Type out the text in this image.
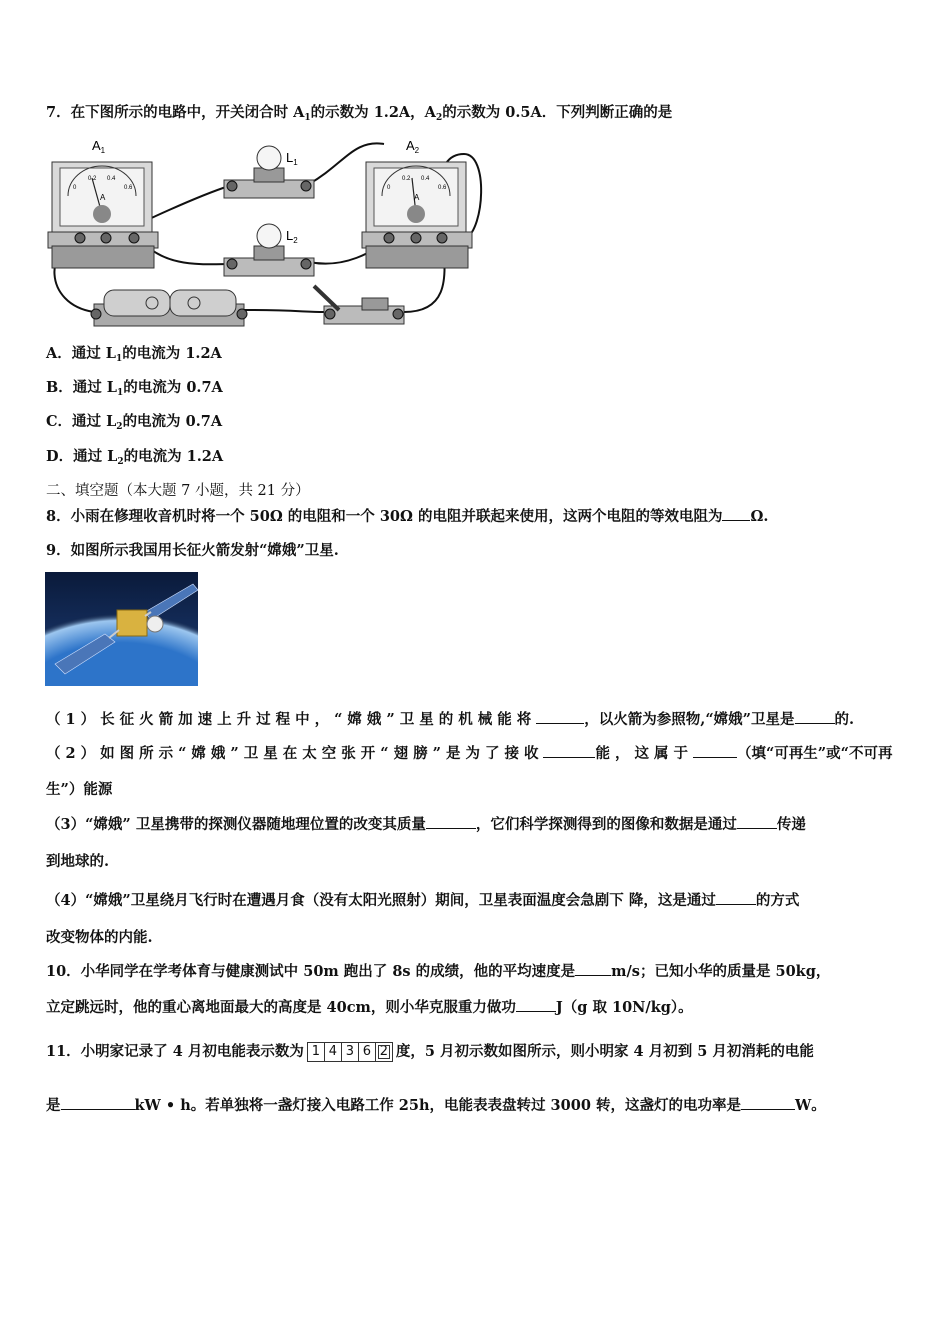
7．在下图所示的电路中，开关闭合时 $A_1$的示数为 1.2A，$A_2$的示数为 0.5A．下列判断正确的是
$A_1$
0
0.2 0.4
0.6
A
$A_2$
0
0.2 0.4
0.6
A
$L_1$
$L_2$
A．通过 $L_1$的电流为 1.2A
B．通过 $L_1$的电流为 0.7A
C．通过 $L_2$的电流为 0.7A
D．通过 $L_2$的电流为 1.2A
二、填空题（本大题 7 小题，共 21 分）
8．小雨在修理收音机时将一个 50Ω 的电阻和一个 30Ω 的电阻并联起来使用，这两个电阻的等效电阻为 Ω.
9．如图所示我国用长征火箭发射“嫦娥”卫星.
（1）长征火箭加速上升过程中，“嫦娥”卫星的机械能将	，以火箭为参照物,“嫦娥”卫星是	的.
（2）如图所示“嫦娥”卫星在太空张开“翅膀”是为了接收	能，这属于	（填“可再生”或“不可再
生”）能源
（3）“嫦娥” 卫星携带的探测仪器随地理位置的改变其质量	，它们科学探测得到的图像和数据是通过	传递
到地球的.
（4）“嫦娥”卫星绕月飞行时在遭遇月食（没有太阳光照射）期间，卫星表面温度会急剧下 降，这是通过	的方式
改变物体的内能.
10．小华同学在学考体育与健康测试中 50m 跑出了 8s 的成绩，他的平均速度是 m/s；已知小华的质量是 50kg，
立定跳远时，他的重心离地面最大的高度是 40cm，则小华克服重力做功	J（g 取 10N/kg）。
11．小明家记录了 4 月初电能表示数为 1 4 3 6 2 度，5 月初示数如图所示，则小明家 4 月初到 5 月初消耗的电能
是	kW • h。若单独将一盏灯接入电路工作 25h，电能表表盘转过 3000 转，这盏灯的电功率是	W。
